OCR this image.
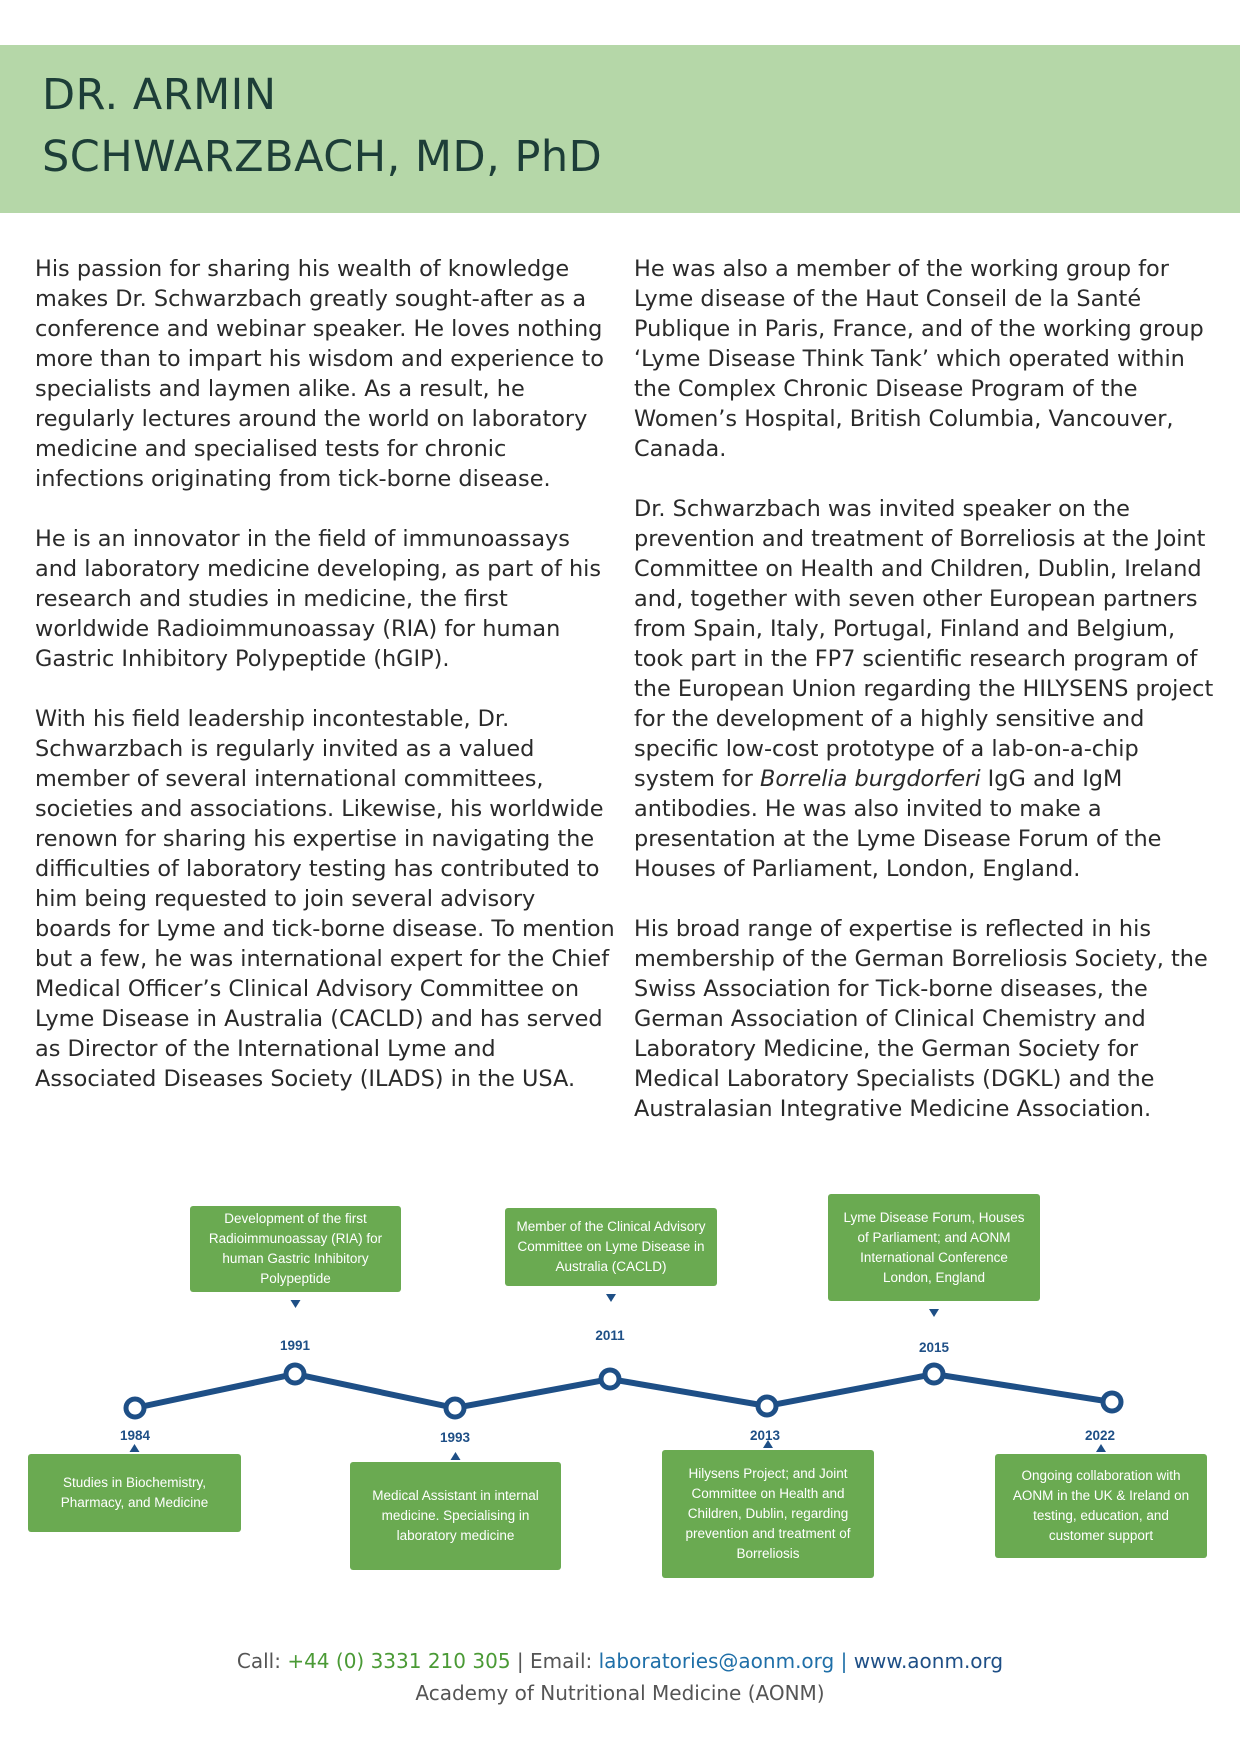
DR. ARMIN
SCHWARZBACH, MD, PhD

His passion for sharing his wealth of knowledge makes Dr. Schwarzbach greatly sought-after as a conference and webinar speaker. He loves nothing more than to impart his wisdom and experience to specialists and laymen alike. As a result, he regularly lectures around the world on laboratory medicine and specialised tests for chronic infections originating from tick-borne disease.

He is an innovator in the field of immunoassays and laboratory medicine developing, as part of his research and studies in medicine, the first worldwide Radioimmunoassay (RIA) for human Gastric Inhibitory Polypeptide (hGIP).

With his field leadership incontestable, Dr. Schwarzbach is regularly invited as a valued member of several international committees, societies and associations. Likewise, his worldwide renown for sharing his expertise in navigating the difficulties of laboratory testing has contributed to him being requested to join several advisory boards for Lyme and tick-borne disease. To mention but a few, he was international expert for the Chief Medical Officer’s Clinical Advisory Committee on Lyme Disease in Australia (CACLD) and has served as Director of the International Lyme and Associated Diseases Society (ILADS) in the USA.

He was also a member of the working group for Lyme disease of the Haut Conseil de la Santé Publique in Paris, France, and of the working group ‘Lyme Disease Think Tank’ which operated within the Complex Chronic Disease Program of the Women’s Hospital, British Columbia, Vancouver, Canada.

Dr. Schwarzbach was invited speaker on the prevention and treatment of Borreliosis at the Joint Committee on Health and Children, Dublin, Ireland and, together with seven other European partners from Spain, Italy, Portugal, Finland and Belgium, took part in the FP7 scientific research program of the European Union regarding the HILYSENS project for the development of a highly sensitive and specific low-cost prototype of a lab-on-a-chip system for Borrelia burgdorferi IgG and IgM antibodies. He was also invited to make a presentation at the Lyme Disease Forum of the Houses of Parliament, London, England.

His broad range of expertise is reflected in his membership of the German Borreliosis Society, the Swiss Association for Tick-borne diseases, the German Association of Clinical Chemistry and Laboratory Medicine, the German Society for Medical Laboratory Specialists (DGKL) and the Australasian Integrative Medicine Association.

1984
Studies in Biochemistry, Pharmacy, and Medicine
1991
Development of the first Radioimmunoassay (RIA) for human Gastric Inhibitory Polypeptide
1993
Medical Assistant in internal medicine. Specialising in laboratory medicine
2011
Member of the Clinical Advisory Committee on Lyme Disease in Australia (CACLD)
2013
Hilysens Project; and Joint Committee on Health and Children, Dublin, regarding prevention and treatment of Borreliosis
2015
Lyme Disease Forum, Houses of Parliament; and AONM International Conference London, England
2022
Ongoing collaboration with AONM in the UK & Ireland on testing, education, and customer support
Call: +44 (0) 3331 210 305 | Email: laboratories@aonm.org | www.aonm.org
Academy of Nutritional Medicine (AONM)
